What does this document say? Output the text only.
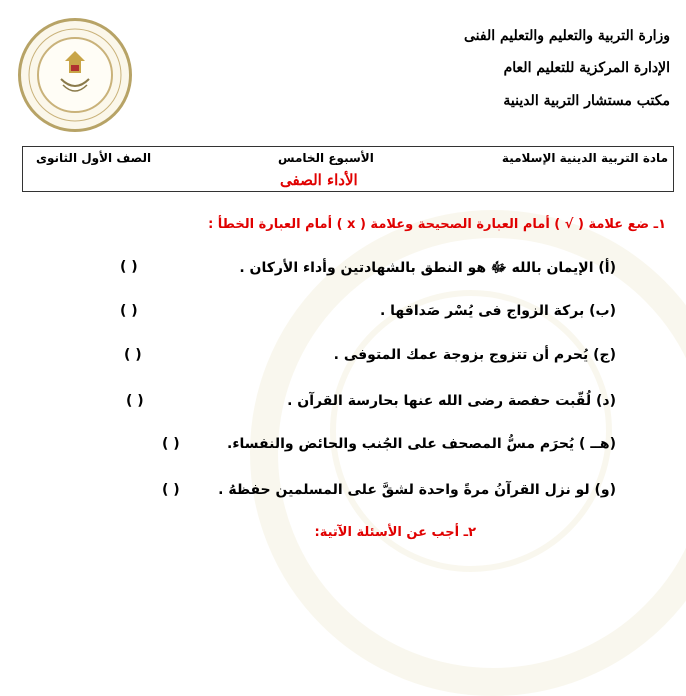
وزارة التربية والتعليم والتعليم الفنى
الإدارة المركزية للتعليم العام
مكتب مستشار التربية الدينية
مادة التربية الدينية الإسلامية
الأسبوع الخامس
الصف الأول الثانوى
الأداء الصفى
١ـ ضع علامة ( √ ) أمام العبارة الصحيحة وعلامة ( x ) أمام العبارة الخطأ :
(أ) الإيمان بالله ﷻ هو النطق بالشهادتين وأداء الأركان .
( )
(ب) بركة الزواج فى يُسْر صَداقها .
( )
(ج) يُحرم أن تتزوج بزوجة عمك المتوفى .
( )
(د) لُقّبت حفصة رضى الله عنها بحارسة القرآن .
( )
(هــ ) يُحرَم مسُّ المصحف على الجُنب والحائض والنفساء.
( )
(و) لو نزل القرآنُ مرةً واحدة لشقَّ على المسلمين حفظهُ .
( )
٢ـ أجب عن الأسئلة الآتية:
